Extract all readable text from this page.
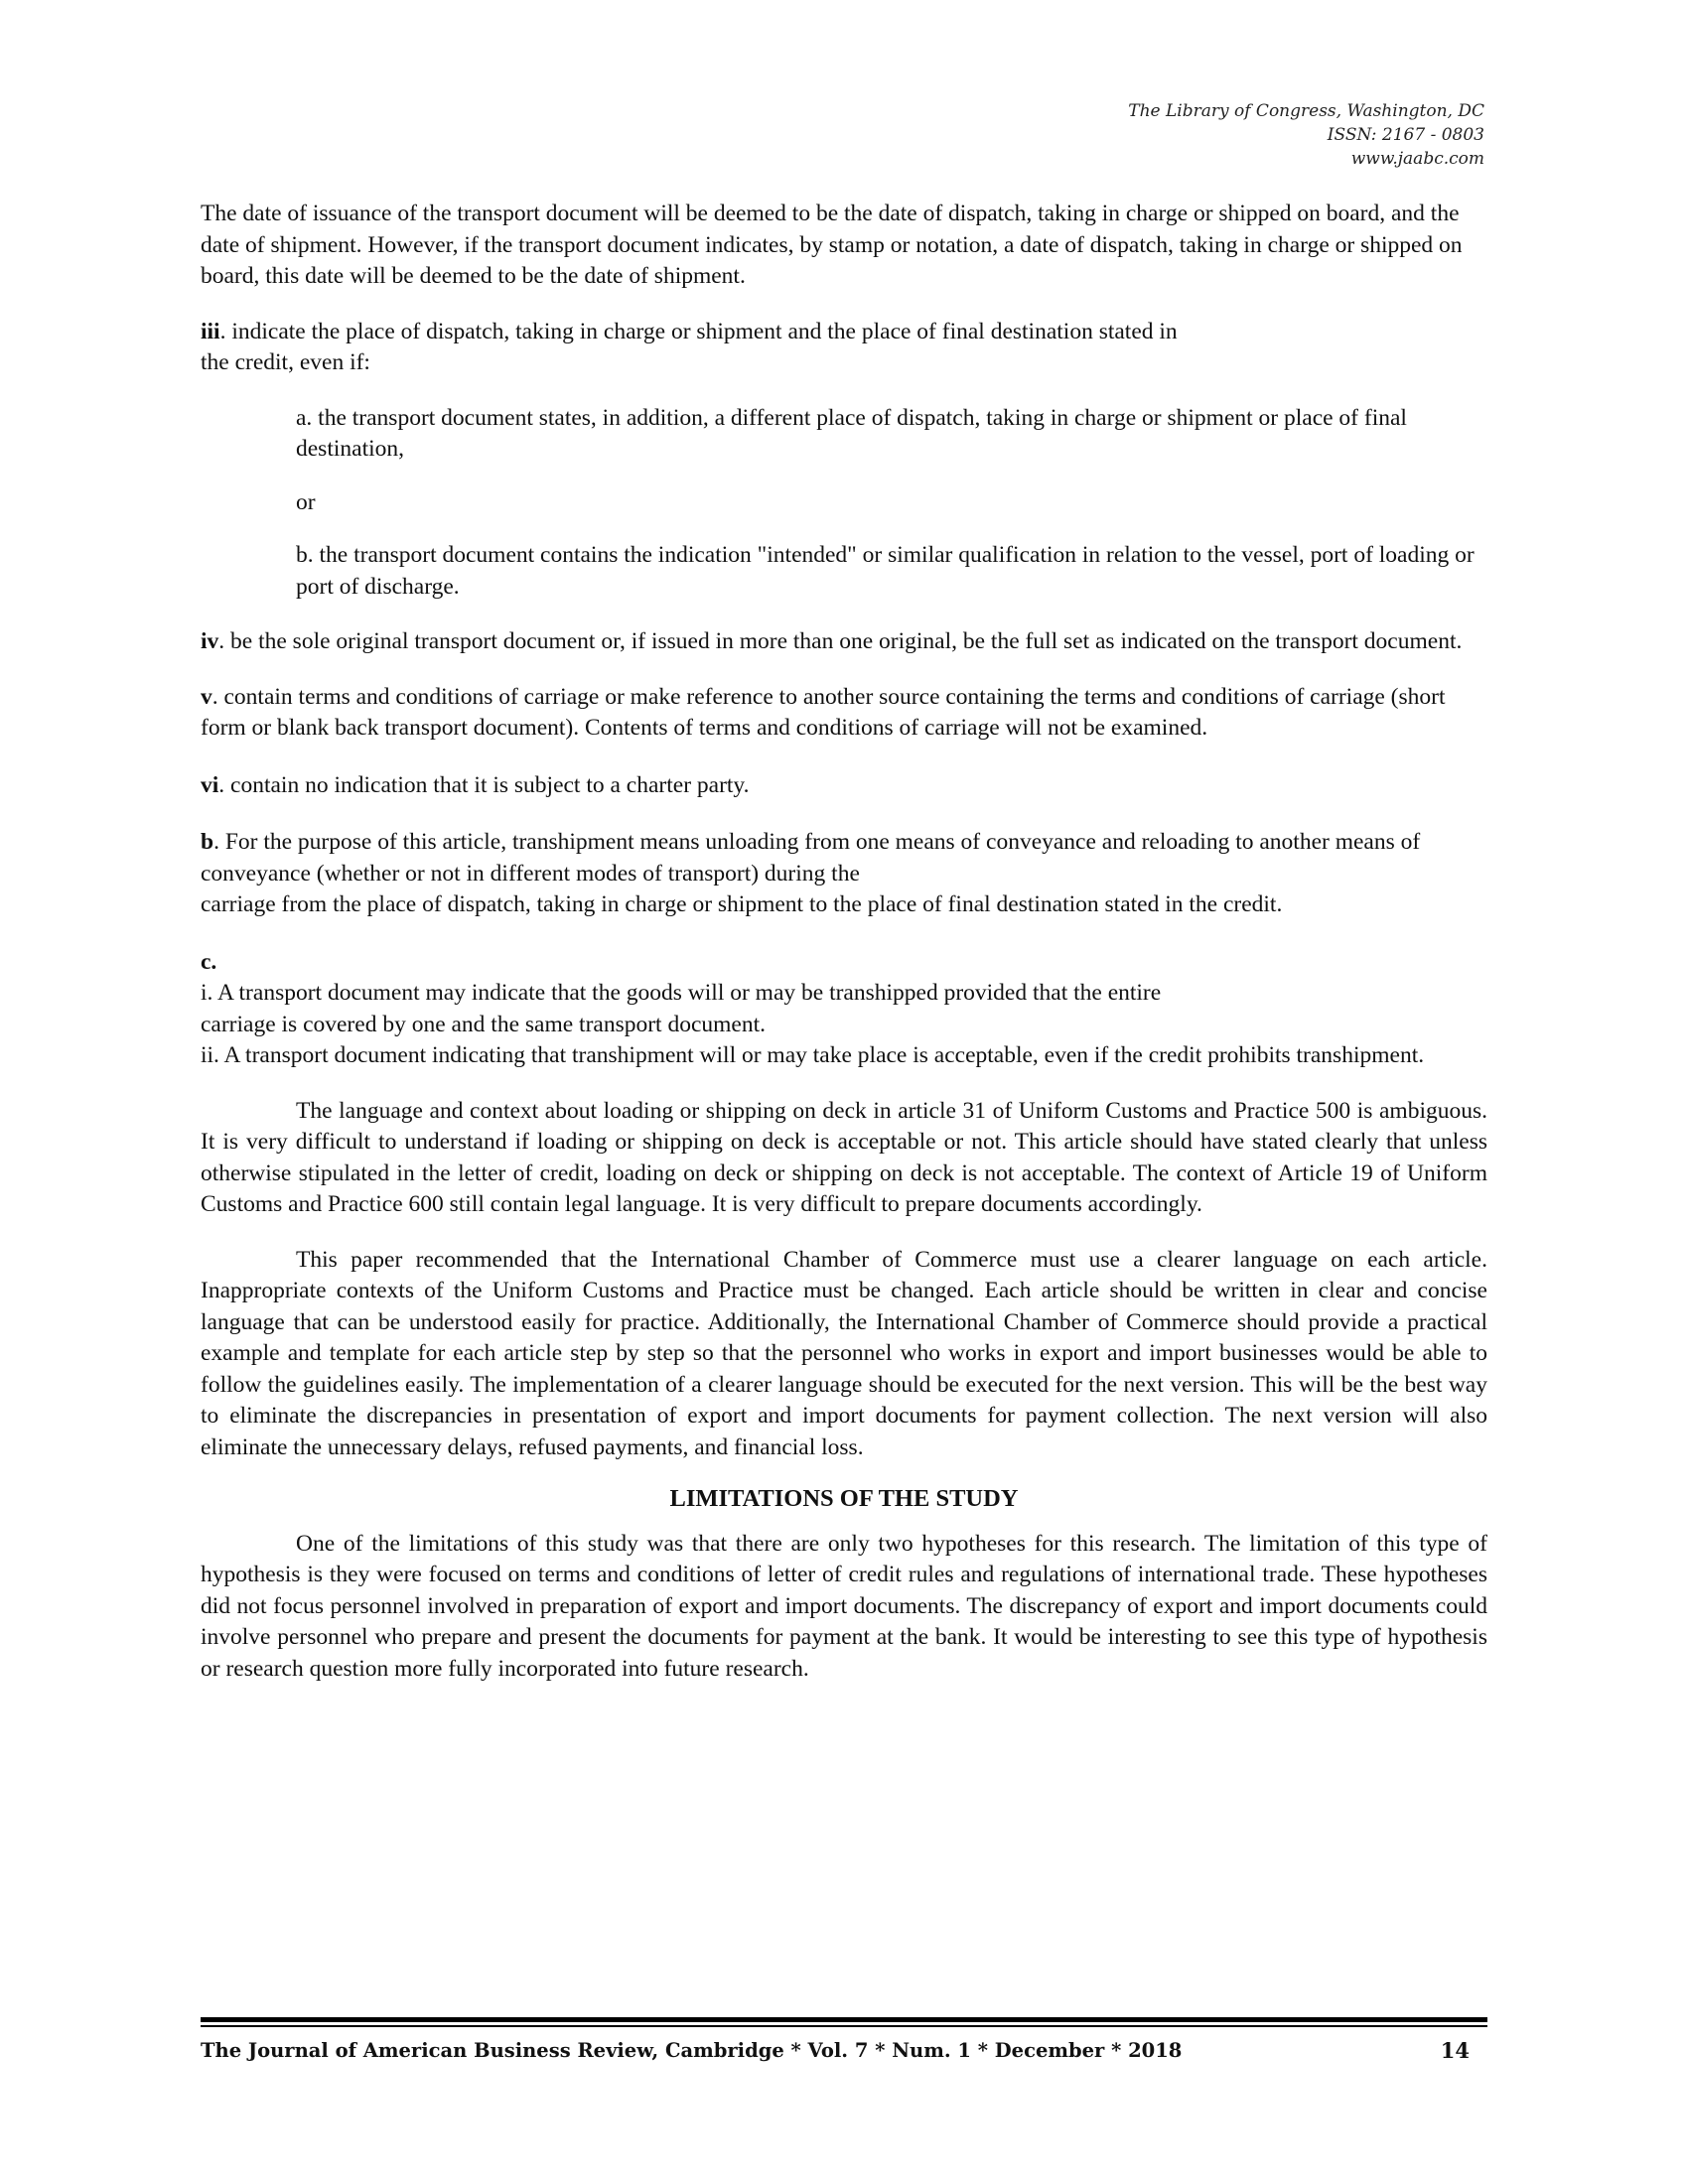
The Library of Congress, Washington, DC
ISSN: 2167 - 0803
www.jaabc.com

The date of issuance of the transport document will be deemed to be the date of dispatch, taking in charge or shipped on board, and the date of shipment. However, if the transport document indicates, by stamp or notation, a date of dispatch, taking in charge or shipped on board, this date will be deemed to be the date of shipment.

iii. indicate the place of dispatch, taking in charge or shipment and the place of final destination stated in
the credit, even if:

a. the transport document states, in addition, a different place of dispatch, taking in charge or shipment or place of final destination,

or

b. the transport document contains the indication "intended" or similar qualification in relation to the vessel, port of loading or port of discharge.

iv. be the sole original transport document or, if issued in more than one original, be the full set as indicated on the transport document.

v. contain terms and conditions of carriage or make reference to another source containing the terms and conditions of carriage (short form or blank back transport document). Contents of terms and conditions of carriage will not be examined.

vi. contain no indication that it is subject to a charter party.

b. For the purpose of this article, transhipment means unloading from one means of conveyance and reloading to another means of conveyance (whether or not in different modes of transport) during the
carriage from the place of dispatch, taking in charge or shipment to the place of final destination stated in the credit.

c.
i. A transport document may indicate that the goods will or may be transhipped provided that the entire
carriage is covered by one and the same transport document.
ii. A transport document indicating that transhipment will or may take place is acceptable, even if the credit prohibits transhipment.

The language and context about loading or shipping on deck in article 31 of Uniform Customs and Practice 500 is ambiguous. It is very difficult to understand if loading or shipping on deck is acceptable or not. This article should have stated clearly that unless otherwise stipulated in the letter of credit, loading on deck or shipping on deck is not acceptable. The context of Article 19 of Uniform Customs and Practice 600 still contain legal language. It is very difficult to prepare documents accordingly.

This paper recommended that the International Chamber of Commerce must use a clearer language on each article. Inappropriate contexts of the Uniform Customs and Practice must be changed. Each article should be written in clear and concise language that can be understood easily for practice. Additionally, the International Chamber of Commerce should provide a practical example and template for each article step by step so that the personnel who works in export and import businesses would be able to follow the guidelines easily. The implementation of a clearer language should be executed for the next version. This will be the best way to eliminate the discrepancies in presentation of export and import documents for payment collection. The next version will also eliminate the unnecessary delays, refused payments, and financial loss.

LIMITATIONS OF THE STUDY

One of the limitations of this study was that there are only two hypotheses for this research. The limitation of this type of hypothesis is they were focused on terms and conditions of letter of credit rules and regulations of international trade. These hypotheses did not focus personnel involved in preparation of export and import documents. The discrepancy of export and import documents could involve personnel who prepare and present the documents for payment at the bank. It would be interesting to see this type of hypothesis or research question more fully incorporated into future research.

The Journal of American Business Review, Cambridge * Vol. 7 * Num. 1 * December * 2018	14
